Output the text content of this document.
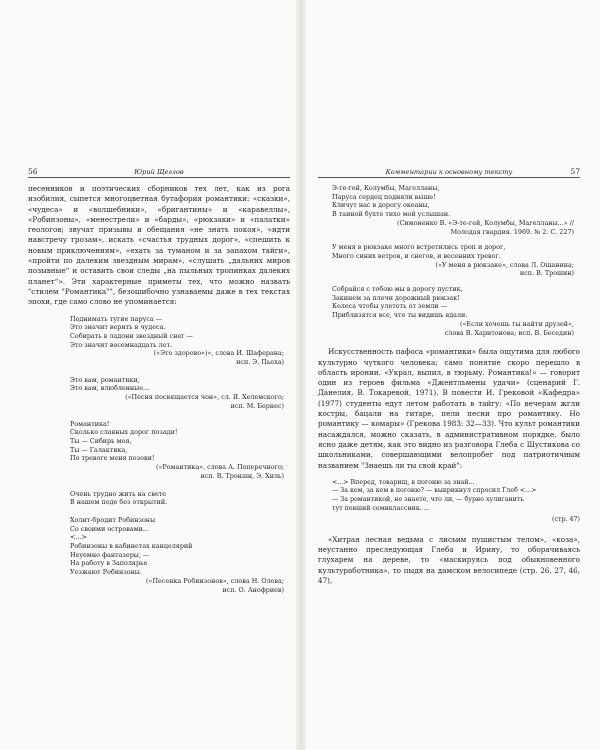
56	Юрий Щеглов

песенников и поэтических сборников тех лет, как из рога изобилия, сыпется многоцветная бутафория романтики: «сказки», «чудеса» и «волшебники», «бригантины» и «каравеллы», «Робинзоны», «менестрели» и «барды», «рюкзаки» и «палатки» геологов; звучат призывы и обещания «не знать покоя», «идти навстречу грозам», искать «счастья трудных дорог», «спешить к новым приключениям», «ехать за туманом и за запахом тайги», «пройти по далеким звездным мирам», «слушать „дальних миров позывные“ и оставить свои следы „на пыльных тропинках далеких планет“». Эти характерные приметы тех, что можно назвать "стилем "Романтика"", безошибочно узнаваемы даже в тех текстах эпохи, где само слово не упоминается:

Поднимать тугие паруса —
Это значит верить в чудеса.
Собирать в ладони звездный снег —
Это значит восемнадцать лет.
(«Это здорово»)», слова И. Шаферана;
исп. Э. Пьеха)
Это вам, романтики,
Это вам, влюбленные...
(«Песня посвящается чон», сл. Я. Хелемского;
исп. М. Бернес)
Романтика!
Сколько славных дорог позади!
Ты — Сибирь моя,
Ты — Галактика,
По тревоге меня позови!
(«Романтика», слова А. Поперечного;
исп. В. Троншн, Э. Хиль)
Очень трудно жить на свете
В нашем поде без открытий.
Холит-бродит Робинзоны
Со своими островами...
<...>
Робинзоны в кабинетах канцелярий
Неуемно фантазеры, —
На работу в Заполярье
Уезжают Робинзоны.
(«Песенка Робинзонов», слова Н. Олева;
исп. О. Анофриев)
Комментарии к основному тексту	57
Э-те-гей, Колумбы, Магелланы,
Паруса сердец подняли выше!
Кличут нас в дорогу океаны,
В таиной бухте тихо мой услышан.
(Симоненко В. «Э-те-гей, Колумбы, Магелланы...» //
Молодая гвардия. 1969. № 2. С. 227)
У меня в рюкзаке много встретились троп и дорог,
Много синих ветров, и снегов, и весенних тревог.
(«У меня в рюкзаке», слова Л. Ошанина;
исп. В. Трошин)
Собрайся с тобою мы в дорогу пустик,
Закинем за плечи дорожный рюкзак!
Колеса чтобы улететь от земли —
Приблизятся все, что ты видишь вдали.
(«Если хочешь ты найти друзей»,
слова В. Харитонова; исп. В. Беседин)

Искусственность пафоса «романтики» была ощутима для любого культурно чуткого человека; само понятие скоро перешло в область иронии. «Украл, выпил, в тюрьму. Романтика!» — говорит один из героев фильма «Джентльмены удачи» (сценарий Г. Данелия, В. Токаревой, 1971). В повести И. Грековой «Кафедра» (1977) студенты едут летом работать в тайгу: «По вечерам жгли костры, бацали на гитаре, пели песни про романтику. Но романтику — комары» (Грекова 1983: 32—33). Что культ романтики насаждался, можно сказать, в административном порядке, было ясно даже детям, как это видно из разговора Глеба с Шустиковa со школьниками, совершающими велопробег под патриотичным названием "Знаешь ли ты свой край":

<...> Вперед, товарищ, в погоню за знай...
— За кем, за кем в погоню? — выкрикнул спросил Глеб <...>
— За романтикой, не знаете, что ли, — бурно хулиганить
тут певший семиклассник. ...
(стр. 47)

«Хитрая лесная ведьма с лисьим пушистым телом», «коза», неустанно преследующая Глеба и Ирину, то оборачиваясь глухарем на дереве, то «маскируясь под обыкновенного культуработника», то пыдя на дамском велосипеде (стр. 26, 27, 46, 47),
